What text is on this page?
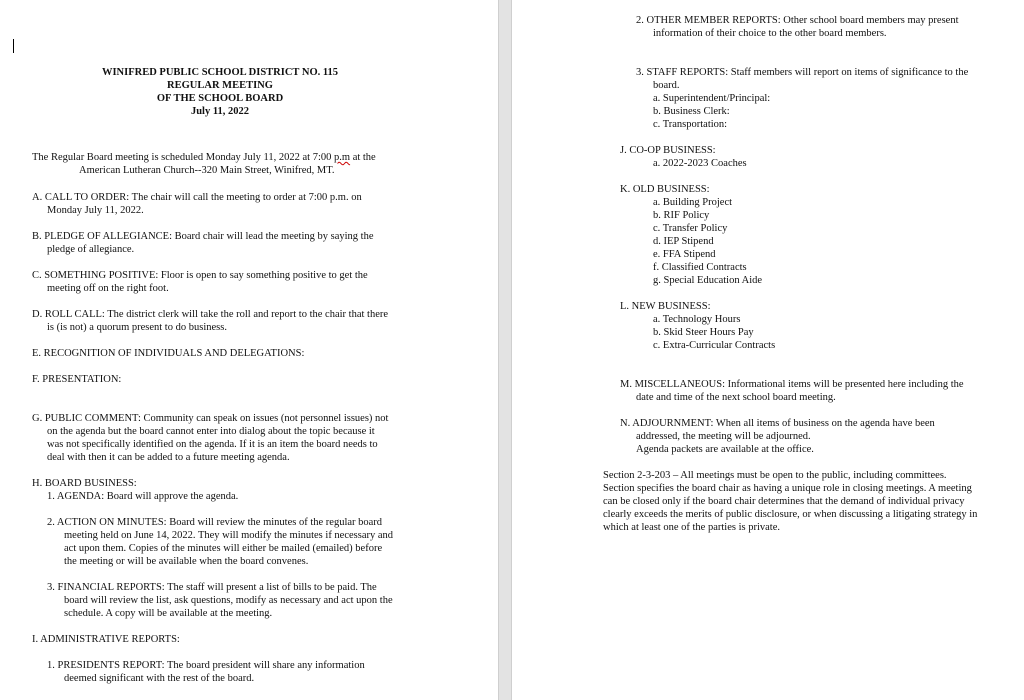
WINIFRED PUBLIC SCHOOL DISTRICT NO. 115
REGULAR MEETING
OF THE SCHOOL BOARD
July 11, 2022
The Regular Board meeting is scheduled Monday July 11, 2022 at 7:00 p.m at the
American Lutheran Church--320 Main Street, Winifred, MT.
A. CALL TO ORDER: The chair will call the meeting to order at 7:00 p.m. on
Monday July 11, 2022.
B. PLEDGE OF ALLEGIANCE: Board chair will lead the meeting by saying the
pledge of allegiance.
C. SOMETHING POSITIVE: Floor is open to say something positive to get the
meeting off on the right foot.
D. ROLL CALL: The district clerk will take the roll and report to the chair that there
is (is not) a quorum present to do business.
E. RECOGNITION OF INDIVIDUALS AND DELEGATIONS:
F. PRESENTATION:
G. PUBLIC COMMENT: Community can speak on issues (not personnel issues) not
on the agenda but the board cannot enter into dialog about the topic because it
was not specifically identified on the agenda. If it is an item the board needs to
deal with then it can be added to a future meeting agenda.
H. BOARD BUSINESS:
1. AGENDA: Board will approve the agenda.
2. ACTION ON MINUTES: Board will review the minutes of the regular board
meeting held on June 14, 2022. They will modify the minutes if necessary and
act upon them. Copies of the minutes will either be mailed (emailed) before
the meeting or will be available when the board convenes.
3. FINANCIAL REPORTS: The staff will present a list of bills to be paid. The
board will review the list, ask questions, modify as necessary and act upon the
schedule. A copy will be available at the meeting.
I. ADMINISTRATIVE REPORTS:
1. PRESIDENTS REPORT: The board president will share any information
deemed significant with the rest of the board.
2. OTHER MEMBER REPORTS: Other school board members may present
information of their choice to the other board members.
3. STAFF REPORTS: Staff members will report on items of significance to the
board.
a. Superintendent/Principal:
b. Business Clerk:
c. Transportation:
J. CO-OP BUSINESS:
a. 2022-2023 Coaches
K. OLD BUSINESS:
a. Building Project
b. RIF Policy
c. Transfer Policy
d. IEP Stipend
e. FFA Stipend
f. Classified Contracts
g. Special Education Aide
L. NEW BUSINESS:
a. Technology Hours
b. Skid Steer Hours Pay
c. Extra-Curricular Contracts
M. MISCELLANEOUS: Informational items will be presented here including the
date and time of the next school board meeting.
N. ADJOURNMENT: When all items of business on the agenda have been
addressed, the meeting will be adjourned.
Agenda packets are available at the office.
Section 2-3-203 – All meetings must be open to the public, including committees.
Section specifies the board chair as having a unique role in closing meetings. A meeting
can be closed only if the board chair determines that the demand of individual privacy
clearly exceeds the merits of public disclosure, or when discussing a litigating strategy in
which at least one of the parties is private.
